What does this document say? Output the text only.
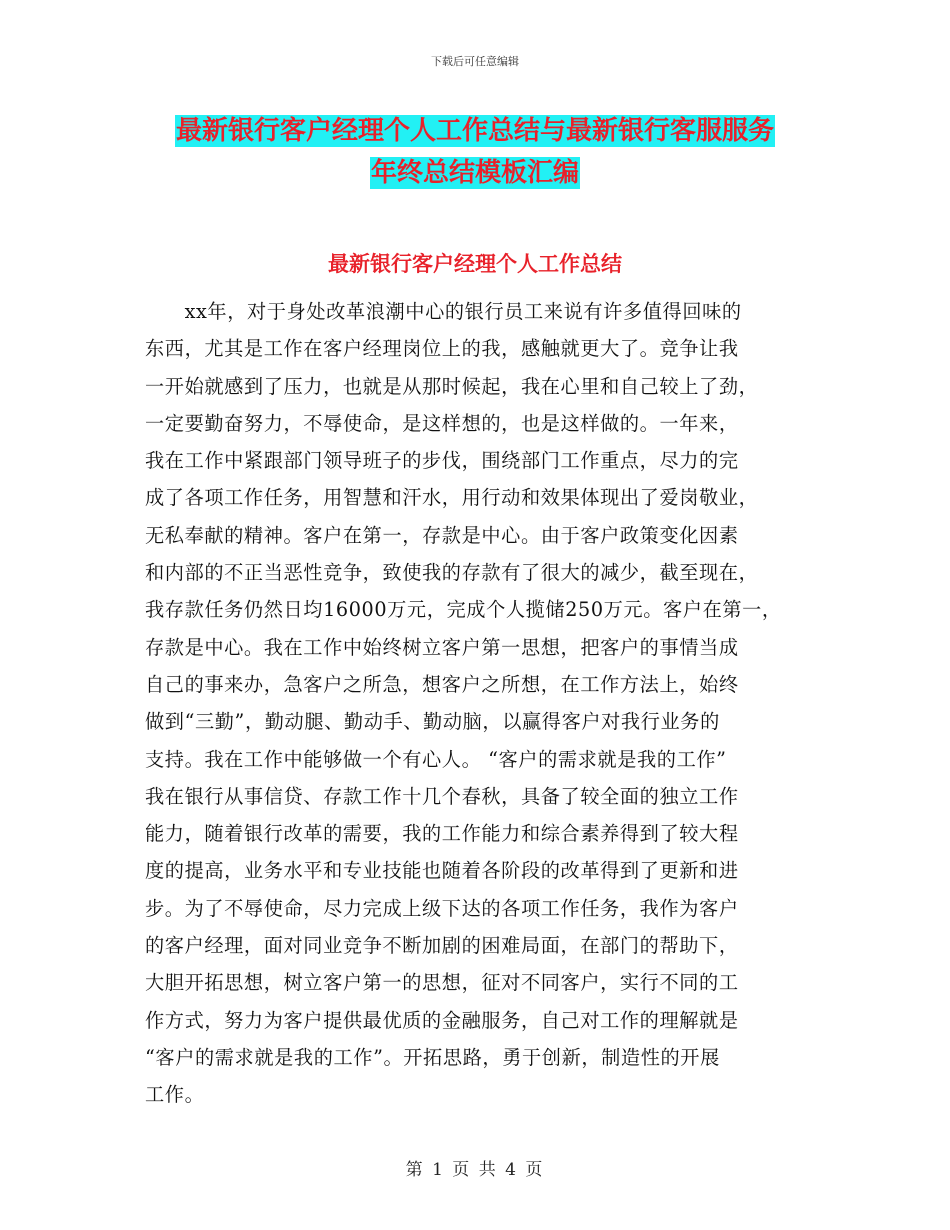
下载后可任意编辑
最新银行客户经理个人工作总结与最新银行客服服务
年终总结模板汇编
最新银行客户经理个人工作总结
　　xx年，对于身处改革浪潮中心的银行员工来说有许多值得回味的
东西，尤其是工作在客户经理岗位上的我，感触就更大了。竞争让我
一开始就感到了压力，也就是从那时候起，我在心里和自己较上了劲，
一定要勤奋努力，不辱使命，是这样想的，也是这样做的。一年来，
我在工作中紧跟部门领导班子的步伐，围绕部门工作重点，尽力的完
成了各项工作任务，用智慧和汗水，用行动和效果体现出了爱岗敬业，
无私奉献的精神。客户在第一，存款是中心。由于客户政策变化因素
和内部的不正当恶性竞争，致使我的存款有了很大的减少，截至现在，
我存款任务仍然日均16000万元，完成个人揽储250万元。客户在第一，
存款是中心。我在工作中始终树立客户第一思想，把客户的事情当成
自己的事来办，急客户之所急，想客户之所想，在工作方法上，始终
做到“三勤”，勤动腿、勤动手、勤动脑，以赢得客户对我行业务的
支持。我在工作中能够做一个有心人。 “客户的需求就是我的工作”
我在银行从事信贷、存款工作十几个春秋，具备了较全面的独立工作
能力，随着银行改革的需要，我的工作能力和综合素养得到了较大程
度的提高，业务水平和专业技能也随着各阶段的改革得到了更新和进
步。为了不辱使命，尽力完成上级下达的各项工作任务，我作为客户
的客户经理，面对同业竞争不断加剧的困难局面，在部门的帮助下，
大胆开拓思想，树立客户第一的思想，征对不同客户，实行不同的工
作方式，努力为客户提供最优质的金融服务，自己对工作的理解就是
“客户的需求就是我的工作”。开拓思路，勇于创新，制造性的开展
工作。
第 1 页 共 4 页
